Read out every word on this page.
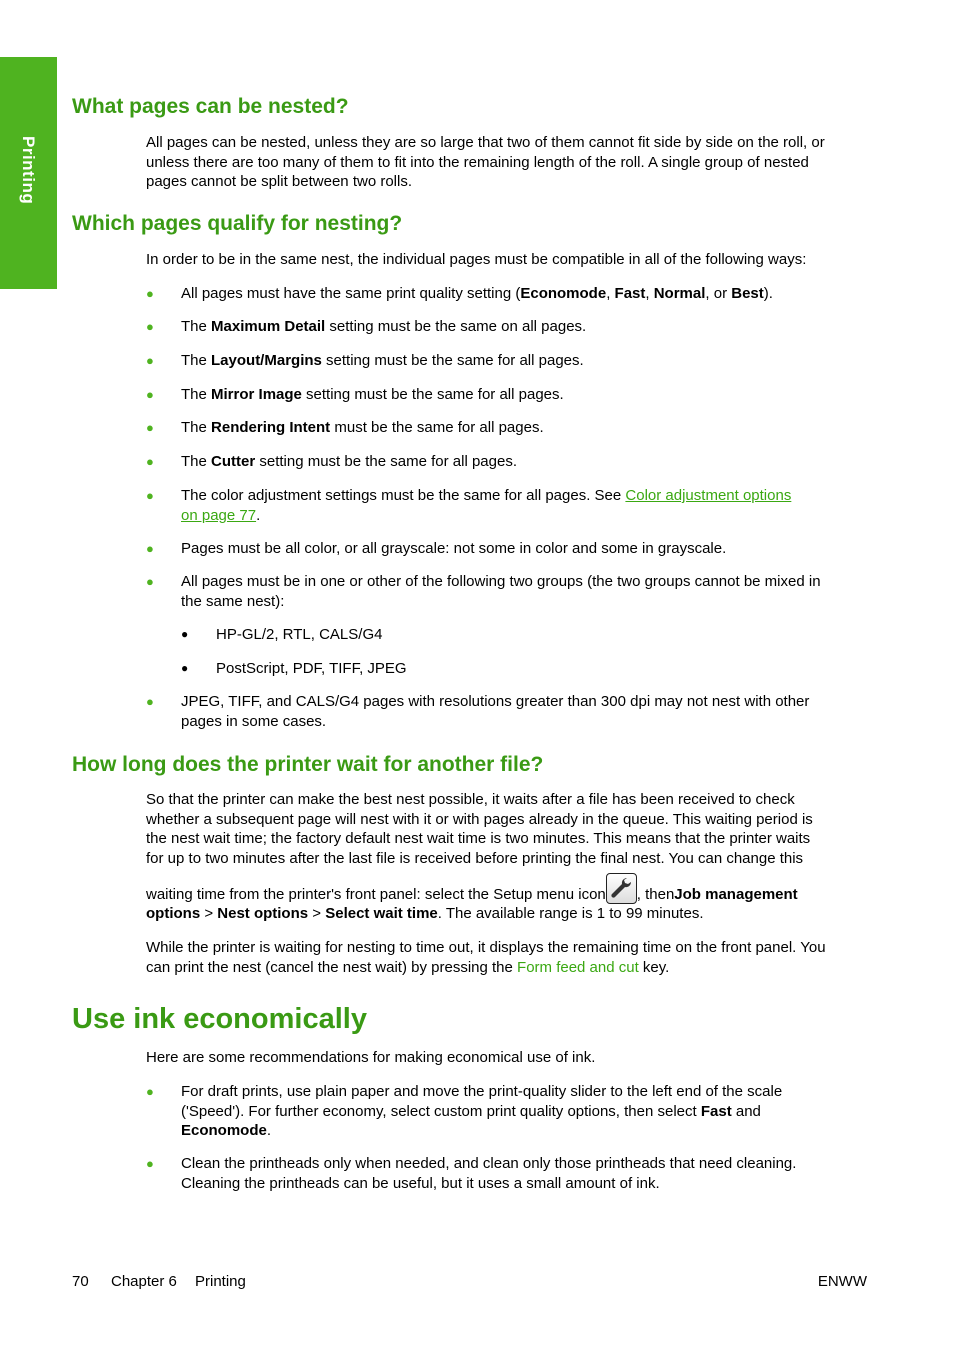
Printing
What pages can be nested?
All pages can be nested, unless they are so large that two of them cannot fit side by side on the roll, or
unless there are too many of them to fit into the remaining length of the roll. A single group of nested
pages cannot be split between two rolls.
Which pages qualify for nesting?
In order to be in the same nest, the individual pages must be compatible in all of the following ways:
● All pages must have the same print quality setting (Economode, Fast, Normal, or Best).
● The Maximum Detail setting must be the same on all pages.
● The Layout/Margins setting must be the same for all pages.
● The Mirror Image setting must be the same for all pages.
● The Rendering Intent must be the same for all pages.
● The Cutter setting must be the same for all pages.
● The color adjustment settings must be the same for all pages. See Color adjustment options
on page 77.
● Pages must be all color, or all grayscale: not some in color and some in grayscale.
● All pages must be in one or other of the following two groups (the two groups cannot be mixed in
the same nest):
● HP-GL/2, RTL, CALS/G4
● PostScript, PDF, TIFF, JPEG
● JPEG, TIFF, and CALS/G4 pages with resolutions greater than 300 dpi may not nest with other
pages in some cases.
How long does the printer wait for another file?
So that the printer can make the best nest possible, it waits after a file has been received to check
whether a subsequent page will nest with it or with pages already in the queue. This waiting period is
the nest wait time; the factory default nest wait time is two minutes. This means that the printer waits
for up to two minutes after the last file is received before printing the final nest. You can change this
waiting time from the printer's front panel: select the Setup menu icon , then Job management
options > Nest options > Select wait time. The available range is 1 to 99 minutes.
While the printer is waiting for nesting to time out, it displays the remaining time on the front panel. You
can print the nest (cancel the nest wait) by pressing the Form feed and cut key.
Use ink economically
Here are some recommendations for making economical use of ink.
● For draft prints, use plain paper and move the print-quality slider to the left end of the scale
('Speed'). For further economy, select custom print quality options, then select Fast and
Economode.
● Clean the printheads only when needed, and clean only those printheads that need cleaning.
Cleaning the printheads can be useful, but it uses a small amount of ink.
70 Chapter 6 Printing	ENWW
